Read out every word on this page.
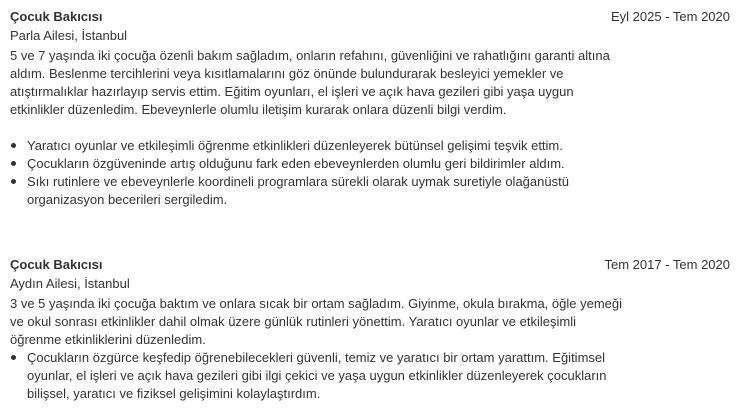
Çocuk Bakıcısı	Eyl 2025 - Tem 2020
Parla Ailesi, İstanbul
5 ve 7 yaşında iki çocuğa özenli bakım sağladım, onların refahını, güvenliğini ve rahatlığını garanti altına aldım. Beslenme tercihlerini veya kısıtlamalarını göz önünde bulundurarak besleyici yemekler ve atıştırmalıklar hazırlayıp servis ettim. Eğitim oyunları, el işleri ve açık hava gezileri gibi yaşa uygun etkinlikler düzenledim. Ebeveynlerle olumlu iletişim kurarak onlara düzenli bilgi verdim.
Yaratıcı oyunlar ve etkileşimli öğrenme etkinlikleri düzenleyerek bütünsel gelişimi teşvik ettim.
Çocukların özgüveninde artış olduğunu fark eden ebeveynlerden olumlu geri bildirimler aldım.
Sıkı rutinlere ve ebeveynlerle koordineli programlara sürekli olarak uymak suretiyle olağanüstü organizasyon becerileri sergiledim.
Çocuk Bakıcısı	Tem 2017 - Tem 2020
Aydın Ailesi, İstanbul
3 ve 5 yaşında iki çocuğa baktım ve onlara sıcak bir ortam sağladım. Giyinme, okula bırakma, öğle yemeği ve okul sonrası etkinlikler dahil olmak üzere günlük rutinleri yönettim. Yaratıcı oyunlar ve etkileşimli öğrenme etkinliklerini düzenledim.
Çocukların özgürce keşfedip öğrenebilecekleri güvenli, temiz ve yaratıcı bir ortam yarattım. Eğitimsel oyunlar, el işleri ve açık hava gezileri gibi ilgi çekici ve yaşa uygun etkinlikler düzenleyerek çocukların bilişsel, yaratıcı ve fiziksel gelişimini kolaylaştırdım.
